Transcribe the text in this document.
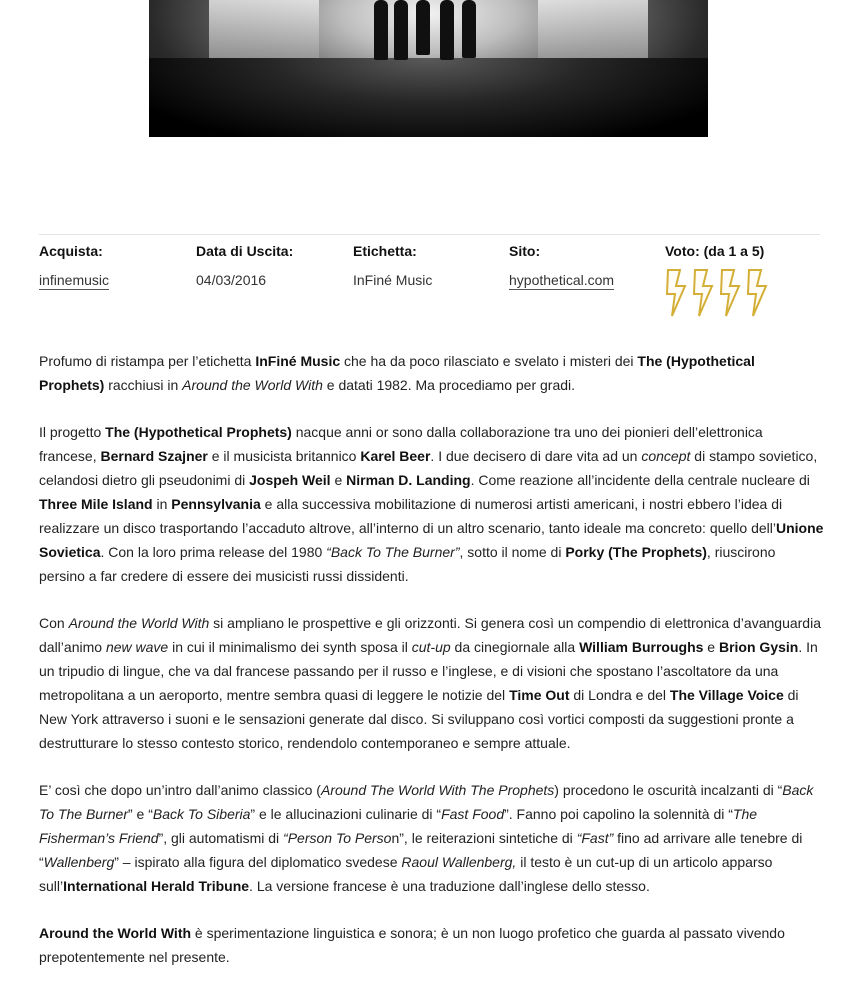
Acquista:
infinemusic
Data di Uscita:
04/03/2016
Etichetta:
InFiné Music
Sito:
hypothetical.com
Voto: (da 1 a 5)

Profumo di ristampa per l’etichetta InFiné Music che ha da poco rilasciato e svelato i misteri dei The (Hypothetical Prophets) racchiusi in Around the World With e datati 1982. Ma procediamo per gradi.

Il progetto The (Hypothetical Prophets) nacque anni or sono dalla collaborazione tra uno dei pionieri dell’elettronica francese, Bernard Szajner e il musicista britannico Karel Beer. I due decisero di dare vita ad un concept di stampo sovietico, celandosi dietro gli pseudonimi di Jospeh Weil e Nirman D. Landing. Come reazione all’incidente della centrale nucleare di Three Mile Island in Pennsylvania e alla successiva mobilitazione di numerosi artisti americani, i nostri ebbero l’idea di realizzare un disco trasportando l’accaduto altrove, all’interno di un altro scenario, tanto ideale ma concreto: quello dell’Unione Sovietica. Con la loro prima release del 1980 “Back To The Burner”, sotto il nome di Porky (The Prophets), riuscirono persino a far credere di essere dei musicisti russi dissidenti.

Con Around the World With si ampliano le prospettive e gli orizzonti. Si genera così un compendio di elettronica d’avanguardia dall’animo new wave in cui il minimalismo dei synth sposa il cut-up da cinegiornale alla William Burroughs e Brion Gysin. In un tripudio di lingue, che va dal francese passando per il russo e l’inglese, e di visioni che spostano l’ascoltatore da una metropolitana a un aeroporto, mentre sembra quasi di leggere le notizie del Time Out di Londra e del The Village Voice di New York attraverso i suoni e le sensazioni generate dal disco. Si sviluppano così vortici composti da suggestioni pronte a destrutturare lo stesso contesto storico, rendendolo contemporaneo e sempre attuale.

E’ così che dopo un’intro dall’animo classico (Around The World With The Prophets) procedono le oscurità incalzanti di “Back To The Burner” e “Back To Siberia” e le allucinazioni culinarie di “Fast Food”. Fanno poi capolino la solennità di “The Fisherman’s Friend”, gli automatismi di “Person To Person”, le reiterazioni sintetiche di “Fast” fino ad arrivare alle tenebre di “Wallenberg” – ispirato alla figura del diplomatico svedese Raoul Wallenberg, il testo è un cut-up di un articolo apparso sull’International Herald Tribune. La versione francese è una traduzione dall’inglese dello stesso.

Around the World With è sperimentazione linguistica e sonora; è un non luogo profetico che guarda al passato vivendo prepotentemente nel presente.
